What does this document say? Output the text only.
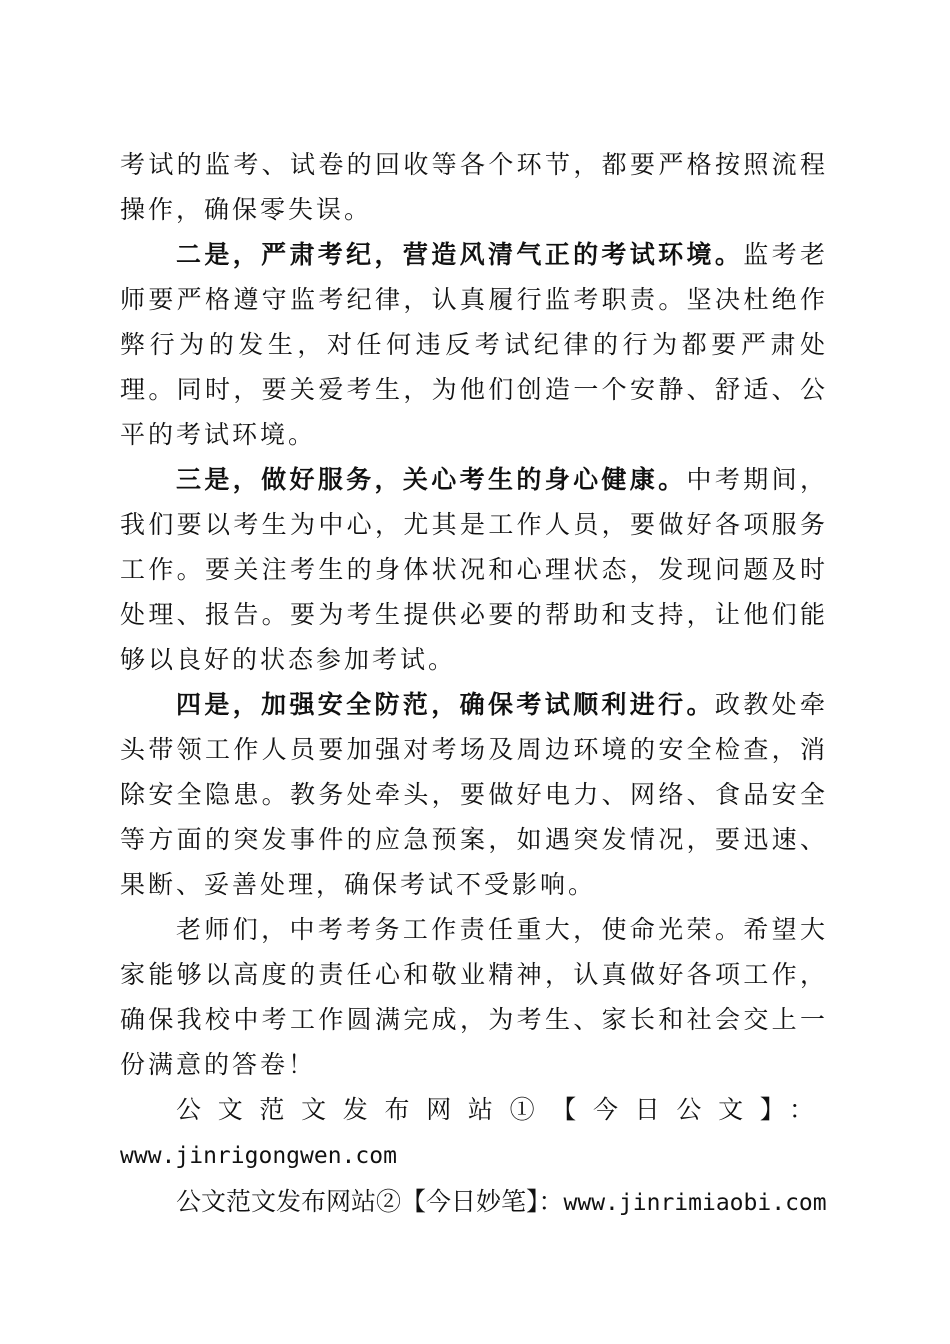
考试的监考、试卷的回收等各个环节，都要严格按照流程操作，确保零失误。

二是，严肃考纪，营造风清气正的考试环境。监考老师要严格遵守监考纪律，认真履行监考职责。坚决杜绝作弊行为的发生，对任何违反考试纪律的行为都要严肃处理。同时，要关爱考生，为他们创造一个安静、舒适、公平的考试环境。

三是，做好服务，关心考生的身心健康。中考期间，我们要以考生为中心，尤其是工作人员，要做好各项服务工作。要关注考生的身体状况和心理状态，发现问题及时处理、报告。要为考生提供必要的帮助和支持，让他们能够以良好的状态参加考试。

四是，加强安全防范，确保考试顺利进行。政教处牵头带领工作人员要加强对考场及周边环境的安全检查，消除安全隐患。教务处牵头，要做好电力、网络、食品安全等方面的突发事件的应急预案，如遇突发情况，要迅速、果断、妥善处理，确保考试不受影响。

老师们，中考考务工作责任重大，使命光荣。希望大家能够以高度的责任心和敬业精神，认真做好各项工作，确保我校中考工作圆满完成，为考生、家长和社会交上一份满意的答卷！

公文范文发布网站①【今日公文】：

www.jinrigongwen.com

公文范文发布网站②【今日妙笔】：www.jinrimiaobi.com
